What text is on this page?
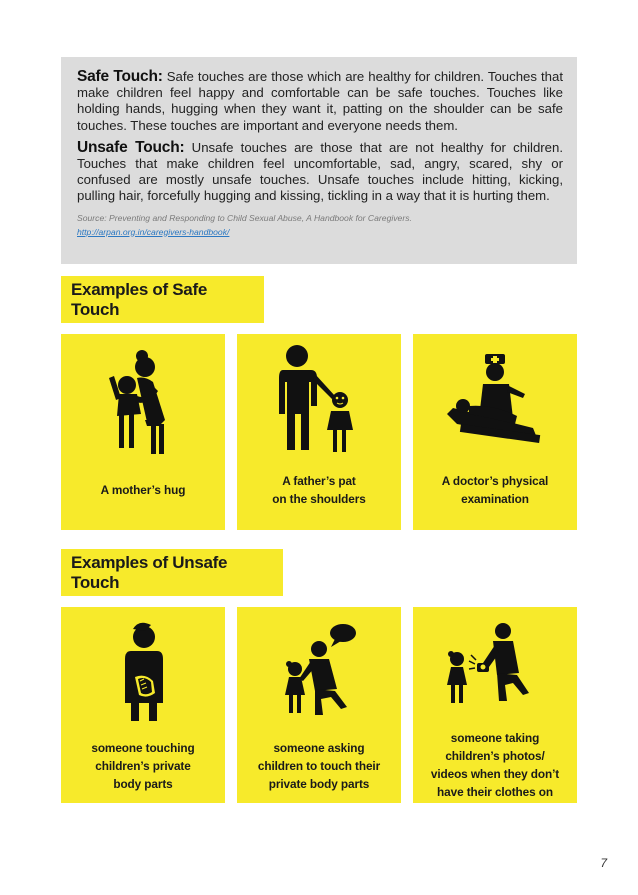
Safe Touch: Safe touches are those which are healthy for children. Touches that make children feel happy and comfortable can be safe touches. Touches like holding hands, hugging when they want it, patting on the shoulder can be safe touches. These touches are important and everyone needs them.

Unsafe Touch: Unsafe touches are those that are not healthy for children. Touches that make children feel uncomfortable, sad, angry, scared, shy or confused are mostly unsafe touches. Unsafe touches include hitting, kicking, pulling hair, forcefully hugging and kissing, tickling in a way that it is hurting them.

Source: Preventing and Responding to Child Sexual Abuse, A Handbook for Caregivers.
http://arpan.org.in/caregivers-handbook/
Examples of Safe Touch
A mother’s hug
A father’s pat
on the shoulders
A doctor’s physical
examination
Examples of Unsafe Touch
someone touching
children’s private
body parts
someone asking
children to touch their
private body parts
someone taking
children’s photos/
videos when they don’t
have their clothes on
7
